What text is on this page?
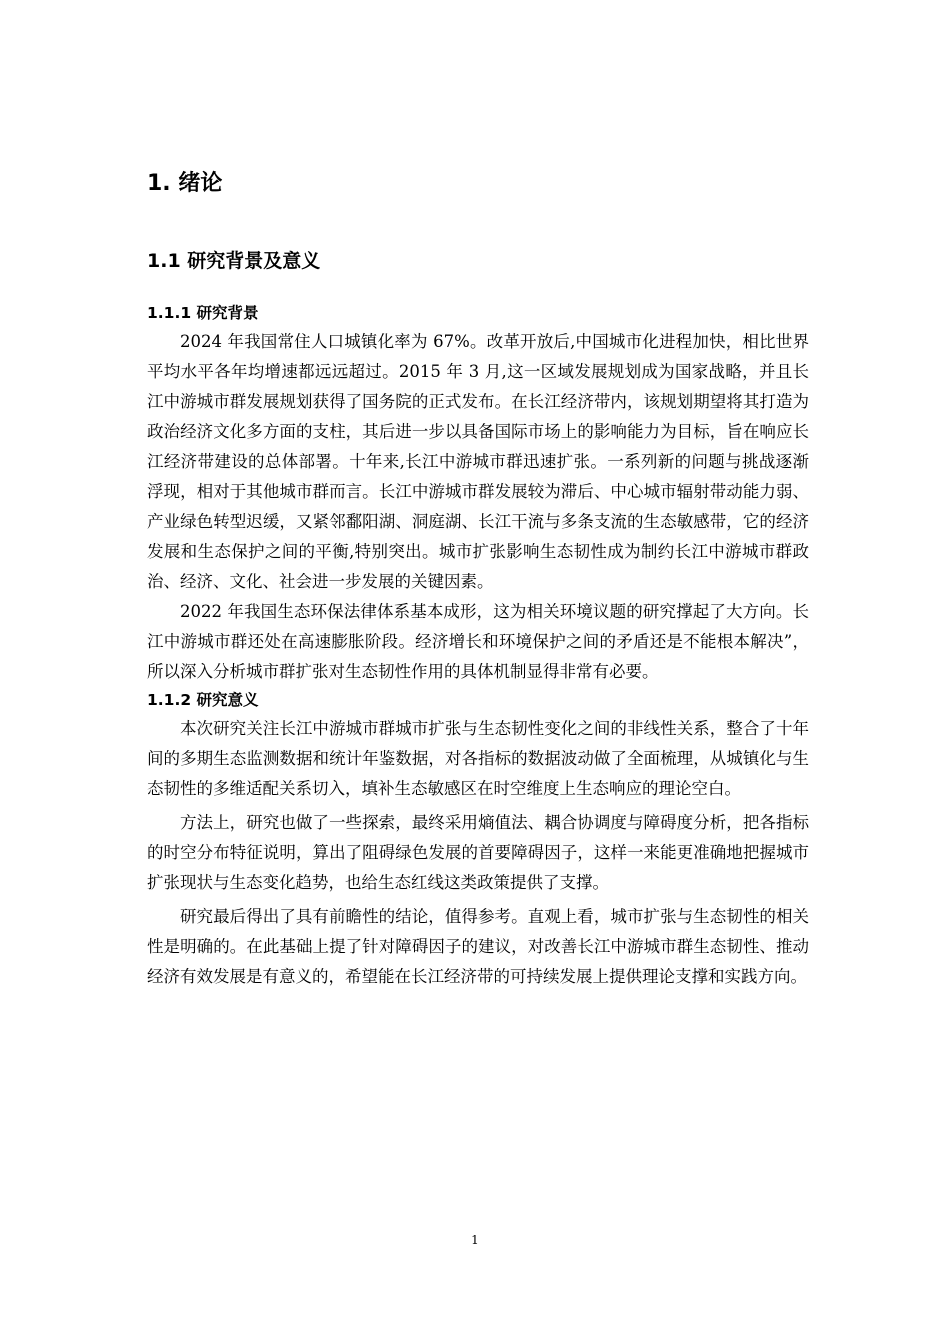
1. 绪论
1.1 研究背景及意义
1.1.1 研究背景

2024 年我国常住人口城镇化率为 67%。改革开放后,中国城市化进程加快，相比世界平均水平各年均增速都远远超过。2015 年 3 月,这一区域发展规划成为国家战略，并且长江中游城市群发展规划获得了国务院的正式发布。在长江经济带内，该规划期望将其打造为政治经济文化多方面的支柱，其后进一步以具备国际市场上的影响能力为目标，旨在响应长江经济带建设的总体部署。十年来,长江中游城市群迅速扩张。一系列新的问题与挑战逐渐浮现，相对于其他城市群而言。长江中游城市群发展较为滞后、中心城市辐射带动能力弱、产业绿色转型迟缓，又紧邻鄱阳湖、洞庭湖、长江干流与多条支流的生态敏感带，它的经济发展和生态保护之间的平衡,特别突出。城市扩张影响生态韧性成为制约长江中游城市群政治、经济、文化、社会进一步发展的关键因素。

2022 年我国生态环保法律体系基本成形，这为相关环境议题的研究撑起了大方向。长江中游城市群还处在高速膨胀阶段。经济增长和环境保护之间的矛盾还是不能根本解决”，所以深入分析城市群扩张对生态韧性作用的具体机制显得非常有必要。

1.1.2 研究意义

本次研究关注长江中游城市群城市扩张与生态韧性变化之间的非线性关系，整合了十年间的多期生态监测数据和统计年鉴数据，对各指标的数据波动做了全面梳理，从城镇化与生态韧性的多维适配关系切入，填补生态敏感区在时空维度上生态响应的理论空白。

方法上，研究也做了一些探索，最终采用熵值法、耦合协调度与障碍度分析，把各指标的时空分布特征说明，算出了阻碍绿色发展的首要障碍因子，这样一来能更准确地把握城市扩张现状与生态变化趋势，也给生态红线这类政策提供了支撑。

研究最后得出了具有前瞻性的结论，值得参考。直观上看，城市扩张与生态韧性的相关性是明确的。在此基础上提了针对障碍因子的建议，对改善长江中游城市群生态韧性、推动经济有效发展是有意义的，希望能在长江经济带的可持续发展上提供理论支撑和实践方向。

1
